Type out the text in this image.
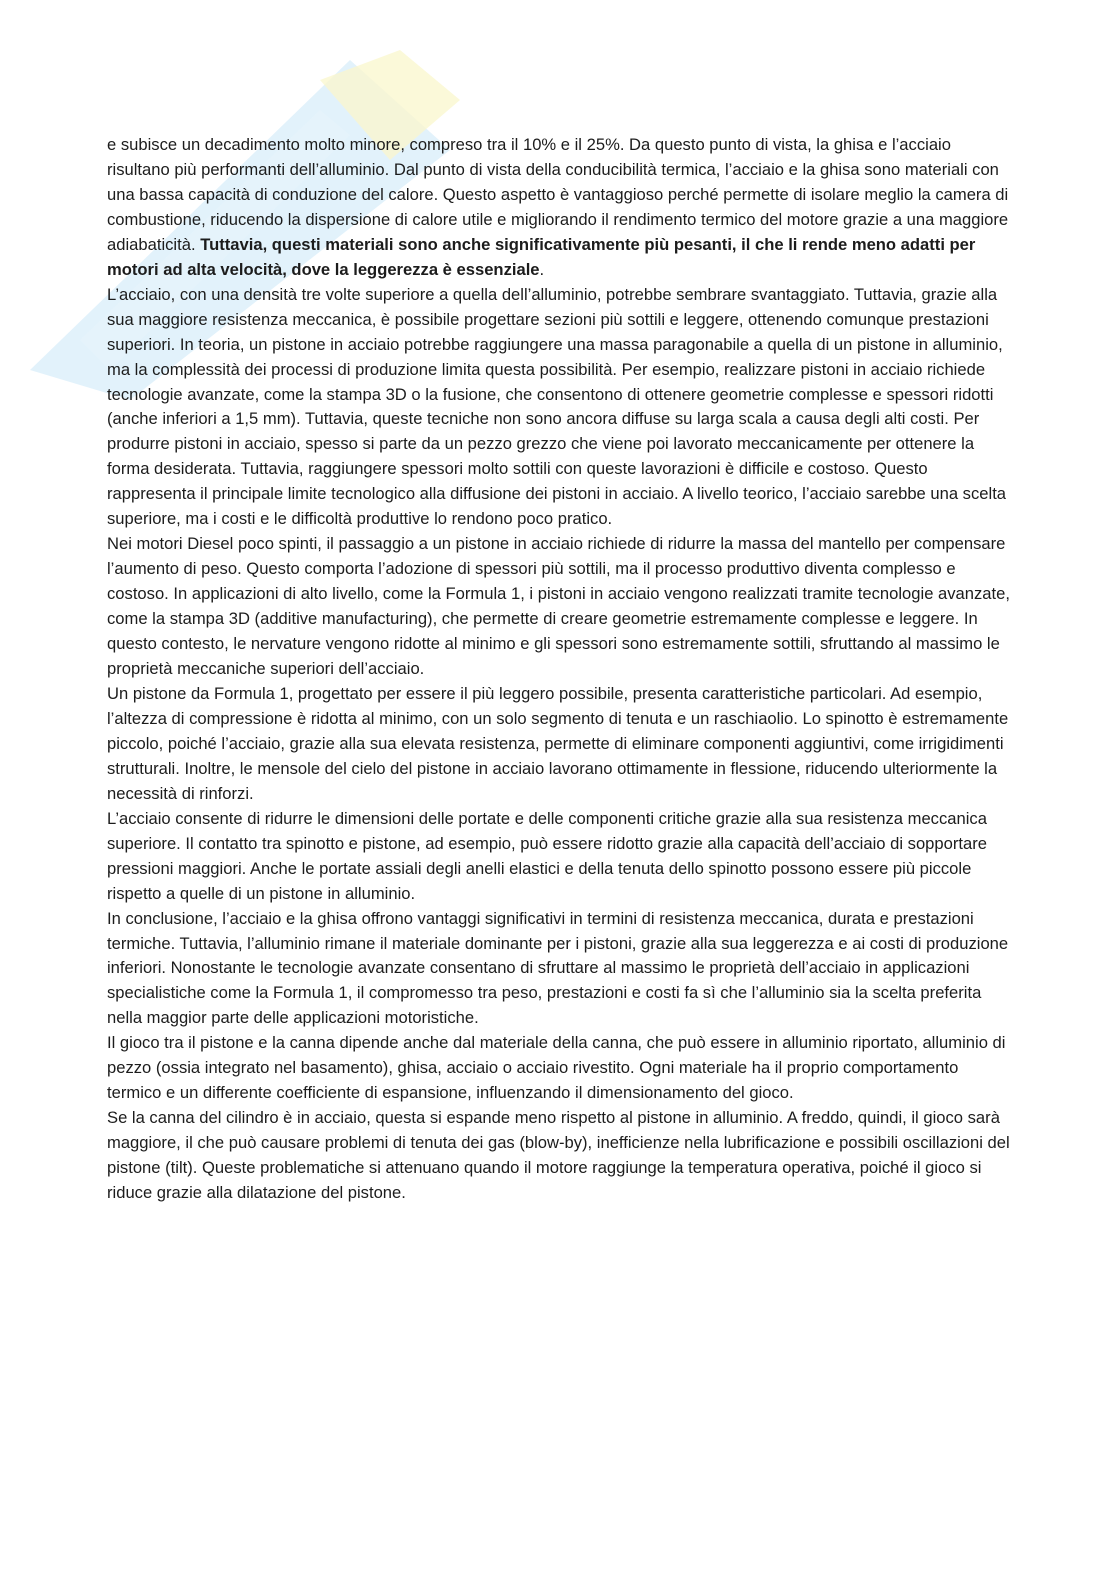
e subisce un decadimento molto minore, compreso tra il 10% e il 25%. Da questo punto di vista, la ghisa e l’acciaio risultano più performanti dell’alluminio. Dal punto di vista della conducibilità termica, l’acciaio e la ghisa sono materiali con una bassa capacità di conduzione del calore. Questo aspetto è vantaggioso perché permette di isolare meglio la camera di combustione, riducendo la dispersione di calore utile e migliorando il rendimento termico del motore grazie a una maggiore adiabaticità. Tuttavia, questi materiali sono anche significativamente più pesanti, il che li rende meno adatti per motori ad alta velocità, dove la leggerezza è essenziale.

L’acciaio, con una densità tre volte superiore a quella dell’alluminio, potrebbe sembrare svantaggiato. Tuttavia, grazie alla sua maggiore resistenza meccanica, è possibile progettare sezioni più sottili e leggere, ottenendo comunque prestazioni superiori. In teoria, un pistone in acciaio potrebbe raggiungere una massa paragonabile a quella di un pistone in alluminio, ma la complessità dei processi di produzione limita questa possibilità. Per esempio, realizzare pistoni in acciaio richiede tecnologie avanzate, come la stampa 3D o la fusione, che consentono di ottenere geometrie complesse e spessori ridotti (anche inferiori a 1,5 mm). Tuttavia, queste tecniche non sono ancora diffuse su larga scala a causa degli alti costi. Per produrre pistoni in acciaio, spesso si parte da un pezzo grezzo che viene poi lavorato meccanicamente per ottenere la forma desiderata. Tuttavia, raggiungere spessori molto sottili con queste lavorazioni è difficile e costoso. Questo rappresenta il principale limite tecnologico alla diffusione dei pistoni in acciaio. A livello teorico, l’acciaio sarebbe una scelta superiore, ma i costi e le difficoltà produttive lo rendono poco pratico.

Nei motori Diesel poco spinti, il passaggio a un pistone in acciaio richiede di ridurre la massa del mantello per compensare l’aumento di peso. Questo comporta l’adozione di spessori più sottili, ma il processo produttivo diventa complesso e costoso. In applicazioni di alto livello, come la Formula 1, i pistoni in acciaio vengono realizzati tramite tecnologie avanzate, come la stampa 3D (additive manufacturing), che permette di creare geometrie estremamente complesse e leggere. In questo contesto, le nervature vengono ridotte al minimo e gli spessori sono estremamente sottili, sfruttando al massimo le proprietà meccaniche superiori dell’acciaio.

Un pistone da Formula 1, progettato per essere il più leggero possibile, presenta caratteristiche particolari. Ad esempio, l’altezza di compressione è ridotta al minimo, con un solo segmento di tenuta e un raschiaolio. Lo spinotto è estremamente piccolo, poiché l’acciaio, grazie alla sua elevata resistenza, permette di eliminare componenti aggiuntivi, come irrigidimenti strutturali. Inoltre, le mensole del cielo del pistone in acciaio lavorano ottimamente in flessione, riducendo ulteriormente la necessità di rinforzi.

L’acciaio consente di ridurre le dimensioni delle portate e delle componenti critiche grazie alla sua resistenza meccanica superiore. Il contatto tra spinotto e pistone, ad esempio, può essere ridotto grazie alla capacità dell’acciaio di sopportare pressioni maggiori. Anche le portate assiali degli anelli elastici e della tenuta dello spinotto possono essere più piccole rispetto a quelle di un pistone in alluminio.

In conclusione, l’acciaio e la ghisa offrono vantaggi significativi in termini di resistenza meccanica, durata e prestazioni termiche. Tuttavia, l’alluminio rimane il materiale dominante per i pistoni, grazie alla sua leggerezza e ai costi di produzione inferiori. Nonostante le tecnologie avanzate consentano di sfruttare al massimo le proprietà dell’acciaio in applicazioni specialistiche come la Formula 1, il compromesso tra peso, prestazioni e costi fa sì che l’alluminio sia la scelta preferita nella maggior parte delle applicazioni motoristiche.

Il gioco tra il pistone e la canna dipende anche dal materiale della canna, che può essere in alluminio riportato, alluminio di pezzo (ossia integrato nel basamento), ghisa, acciaio o acciaio rivestito. Ogni materiale ha il proprio comportamento termico e un differente coefficiente di espansione, influenzando il dimensionamento del gioco.

Se la canna del cilindro è in acciaio, questa si espande meno rispetto al pistone in alluminio. A freddo, quindi, il gioco sarà maggiore, il che può causare problemi di tenuta dei gas (blow-by), inefficienze nella lubrificazione e possibili oscillazioni del pistone (tilt). Queste problematiche si attenuano quando il motore raggiunge la temperatura operativa, poiché il gioco si riduce grazie alla dilatazione del pistone.
